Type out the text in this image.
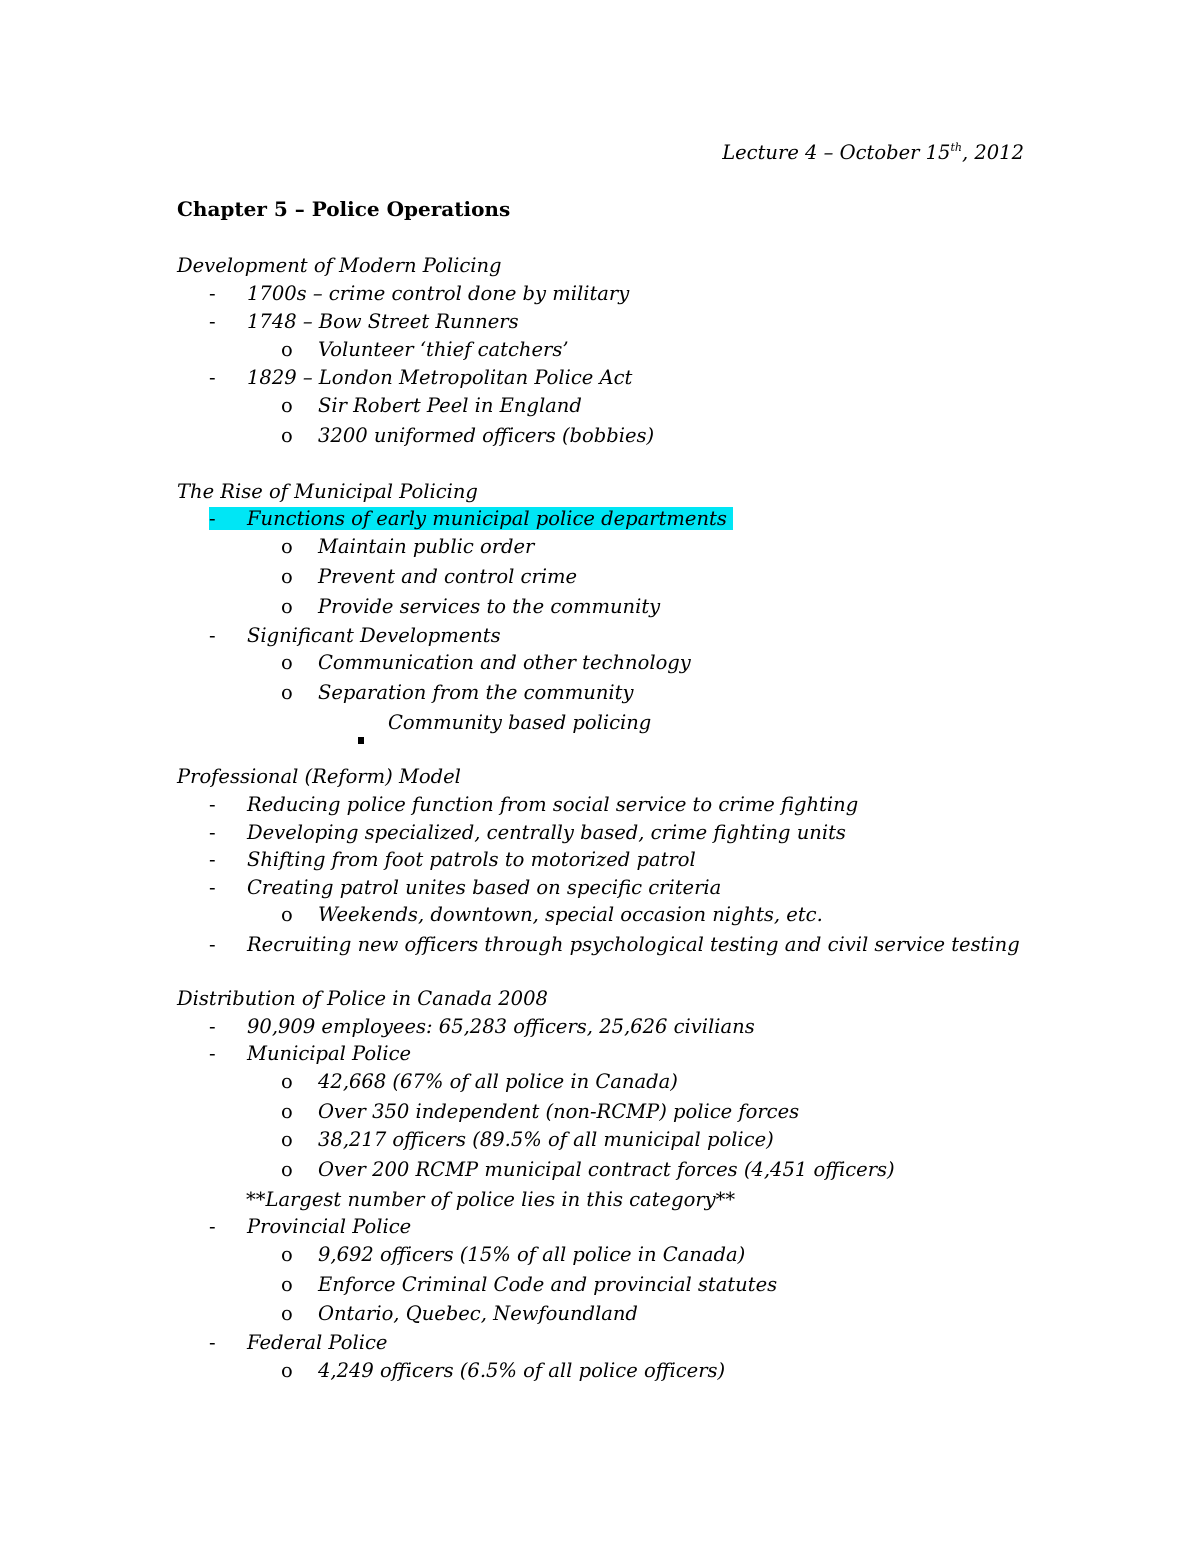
Lecture 4 – October 15th, 2012
Chapter 5 – Police Operations
Development of Modern Policing
- 1700s – crime control done by military
- 1748 – Bow Street Runners
o Volunteer ‘thief catchers’
- 1829 – London Metropolitan Police Act
o Sir Robert Peel in England
o 3200 uniformed officers (bobbies)
The Rise of Municipal Policing
- Functions of early municipal police departments
o Maintain public order
o Prevent and control crime
o Provide services to the community
- Significant Developments
o Communication and other technology
o Separation from the community
Community based policing
Professional (Reform) Model
- Reducing police function from social service to crime fighting
- Developing specialized, centrally based, crime fighting units
- Shifting from foot patrols to motorized patrol
- Creating patrol unites based on specific criteria
o Weekends, downtown, special occasion nights, etc.
- Recruiting new officers through psychological testing and civil service testing
Distribution of Police in Canada 2008
- 90,909 employees: 65,283 officers, 25,626 civilians
- Municipal Police
o 42,668 (67% of all police in Canada)
o Over 350 independent (non-RCMP) police forces
o 38,217 officers (89.5% of all municipal police)
o Over 200 RCMP municipal contract forces (4,451 officers)
**Largest number of police lies in this category**
- Provincial Police
o 9,692 officers (15% of all police in Canada)
o Enforce Criminal Code and provincial statutes
o Ontario, Quebec, Newfoundland
- Federal Police
o 4,249 officers (6.5% of all police officers)
